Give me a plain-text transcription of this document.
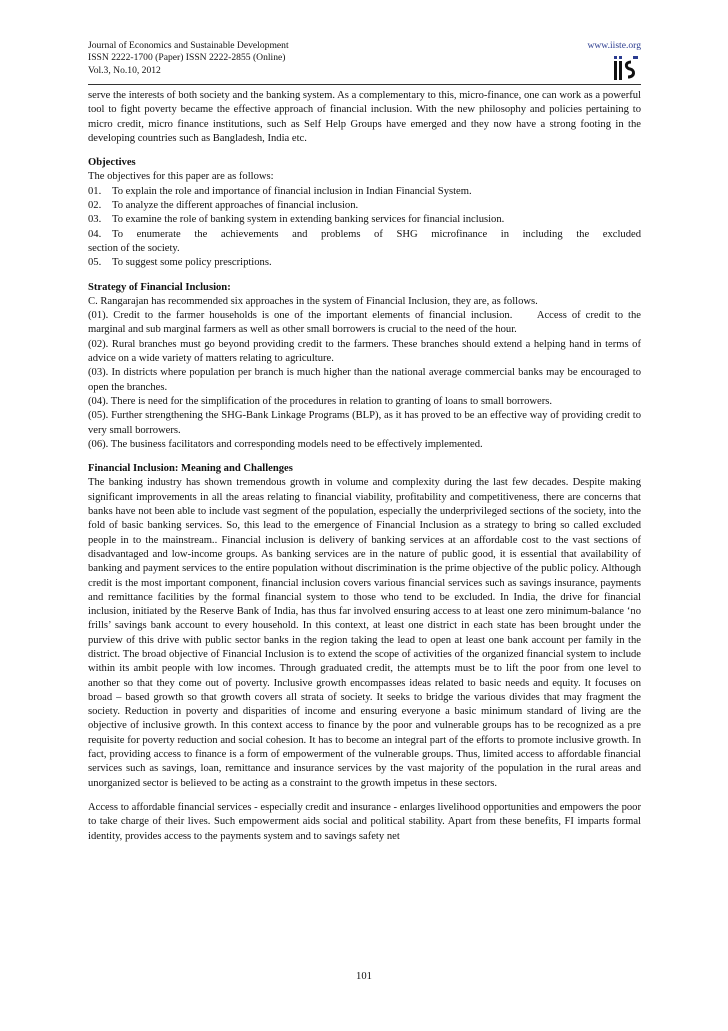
Journal of Economics and Sustainable Development
ISSN 2222-1700 (Paper) ISSN 2222-2855 (Online)
Vol.3, No.10, 2012
www.iiste.org

serve the interests of both society and the banking system. As a complementary to this, micro-finance, one can work as a powerful tool to fight poverty became the effective approach of financial inclusion. With the new philosophy and policies pertaining to micro credit, micro finance institutions, such as Self Help Groups have emerged and they now have a strong footing in the developing countries such as Bangladesh, India etc.

Objectives

The objectives for this paper are as follows:

01. To explain the role and importance of financial inclusion in Indian Financial System.

02. To analyze the different approaches of financial inclusion.

03. To examine the role of banking system in extending banking services for financial inclusion.

04. To enumerate the achievements and problems of SHG microfinance in including the excluded

section of the society.

05. To suggest some policy prescriptions.

Strategy of Financial Inclusion:

C. Rangarajan has recommended six approaches in the system of Financial Inclusion, they are, as follows.

(01). Credit to the farmer households is one of the important elements of financial inclusion.     Access of credit to the                marginal and sub marginal farmers as well as other small borrowers is crucial to the need of the hour.

(02). Rural branches must go beyond providing credit to the farmers. These branches should extend a helping hand in terms of advice on a wide variety of matters relating to agriculture.

(03). In districts where population per branch is much higher than the national average commercial banks may be encouraged to open the branches.

(04). There is need for the simplification of the procedures in relation to granting of loans to small borrowers.

(05). Further strengthening the SHG-Bank Linkage Programs (BLP), as it has proved to be an effective way of providing credit to very small borrowers.

(06). The business facilitators and corresponding models need to be effectively implemented.

Financial Inclusion: Meaning and Challenges

The banking industry has shown tremendous growth in volume and complexity during the last few decades. Despite making significant improvements in all the areas relating to financial viability, profitability and competitiveness, there are concerns that banks have not been able to include vast segment of the population, especially the underprivileged sections of the society, into the fold of basic banking services. So, this lead to the emergence of Financial Inclusion as a strategy to bring so called excluded people in to the mainstream.. Financial inclusion is delivery of banking services at an affordable cost to the vast sections of disadvantaged and low-income groups. As banking services are in the nature of public good, it is essential that availability of banking and payment services to the entire population without discrimination is the prime objective of the public policy. Although credit is the most important component, financial inclusion covers various financial services such as savings insurance, payments and remittance facilities by the formal financial system to those who tend to be excluded. In India, the drive for financial inclusion, initiated by the Reserve Bank of India, has thus far involved ensuring access to at least one zero minimum-balance ‘no frills’ savings bank account to every household. In this context, at least one district in each state has been brought under the purview of this drive with public sector banks in the region taking the lead to open at least one bank account per family in the district. The broad objective of Financial Inclusion is to extend the scope of activities of the organized financial system to include within its ambit people with low incomes. Through graduated credit, the attempts must be to lift the poor from one level to another so that they come out of poverty. Inclusive growth encompasses ideas related to basic needs and equity. It focuses on broad – based growth so that growth covers all strata of society. It seeks to bridge the various divides that may fragment the society. Reduction in poverty and disparities of income and ensuring everyone a basic minimum standard of living are the objective of inclusive growth. In this context access to finance by the poor and vulnerable groups has to be recognized as a pre requisite for poverty reduction and social cohesion. It has to become an integral part of the efforts to promote inclusive growth. In fact, providing access to finance is a form of empowerment of the vulnerable groups. Thus, limited access to affordable financial services such as savings, loan, remittance and insurance services by the vast majority of the population in the rural areas and unorganized sector is believed to be acting as a constraint to the growth impetus in these sectors.

Access to affordable financial services - especially credit and insurance - enlarges livelihood opportunities and empowers the poor to take charge of their lives. Such empowerment aids social and political stability. Apart from these benefits, FI imparts formal identity, provides access to the payments system and to savings safety net

101
